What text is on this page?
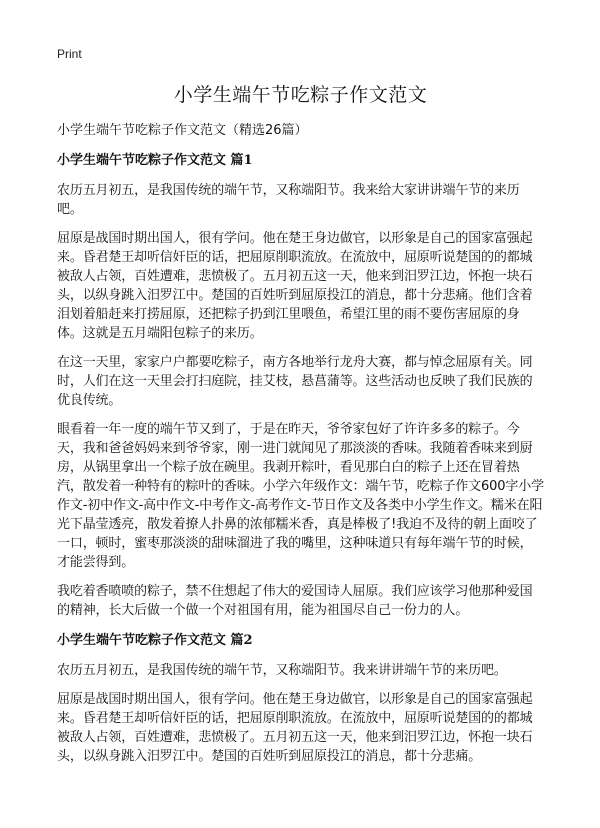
Print
小学生端午节吃粽子作文范文
小学生端午节吃粽子作文范文（精选26篇）
小学生端午节吃粽子作文范文 篇1

农历五月初五，是我国传统的端午节，又称端阳节。我来给大家讲讲端午节的来历吧。

屈原是战国时期出国人，很有学问。他在楚王身边做官，以形象是自己的国家富强起来。昏君楚王却听信奸臣的话，把屈原削职流放。在流放中，屈原听说楚国的的都城被敌人占领，百姓遭难，悲愤极了。五月初五这一天，他来到汨罗江边，怀抱一块石头，以纵身跳入汨罗江中。楚国的百姓听到屈原投江的消息，都十分悲痛。他们含着泪划着船赶来打捞屈原，还把粽子扔到江里喂鱼，希望江里的雨不要伤害屈原的身体。这就是五月端阳包粽子的来历。

在这一天里，家家户户都要吃粽子，南方各地举行龙舟大赛，都与悼念屈原有关。同时，人们在这一天里会打扫庭院，挂艾枝，悬菖蒲等。这些活动也反映了我们民族的优良传统。

眼看着一年一度的端午节又到了，于是在昨天，爷爷家包好了许许多多的粽子。今天，我和爸爸妈妈来到爷爷家，刚一进门就闻见了那淡淡的香味。我随着香味来到厨房，从锅里拿出一个粽子放在碗里。我剥开粽叶，看见那白白的粽子上还在冒着热汽，散发着一种特有的粽叶的香味。小学六年级作文：端午节，吃粽子作文600字小学作文-初中作文-高中作文-中考作文-高考作文-节日作文及各类中小学生作文。糯米在阳光下晶莹透亮，散发着撩人扑鼻的浓郁糯米香，真是棒极了!我迫不及待的朝上面咬了一口，顿时，蜜枣那淡淡的甜味溜进了我的嘴里，这种味道只有每年端午节的时候，才能尝得到。

我吃着香喷喷的粽子，禁不住想起了伟大的爱国诗人屈原。我们应该学习他那种爱国的精神，长大后做一个做一个对祖国有用，能为祖国尽自己一份力的人。

小学生端午节吃粽子作文范文 篇2

农历五月初五，是我国传统的端午节，又称端阳节。我来讲讲端午节的来历吧。

屈原是战国时期出国人，很有学问。他在楚王身边做官，以形象是自己的国家富强起来。昏君楚王却听信奸臣的话，把屈原削职流放。在流放中，屈原听说楚国的的都城被敌人占领，百姓遭难，悲愤极了。五月初五这一天，他来到汨罗江边，怀抱一块石头，以纵身跳入汨罗江中。楚国的百姓听到屈原投江的消息，都十分悲痛。
